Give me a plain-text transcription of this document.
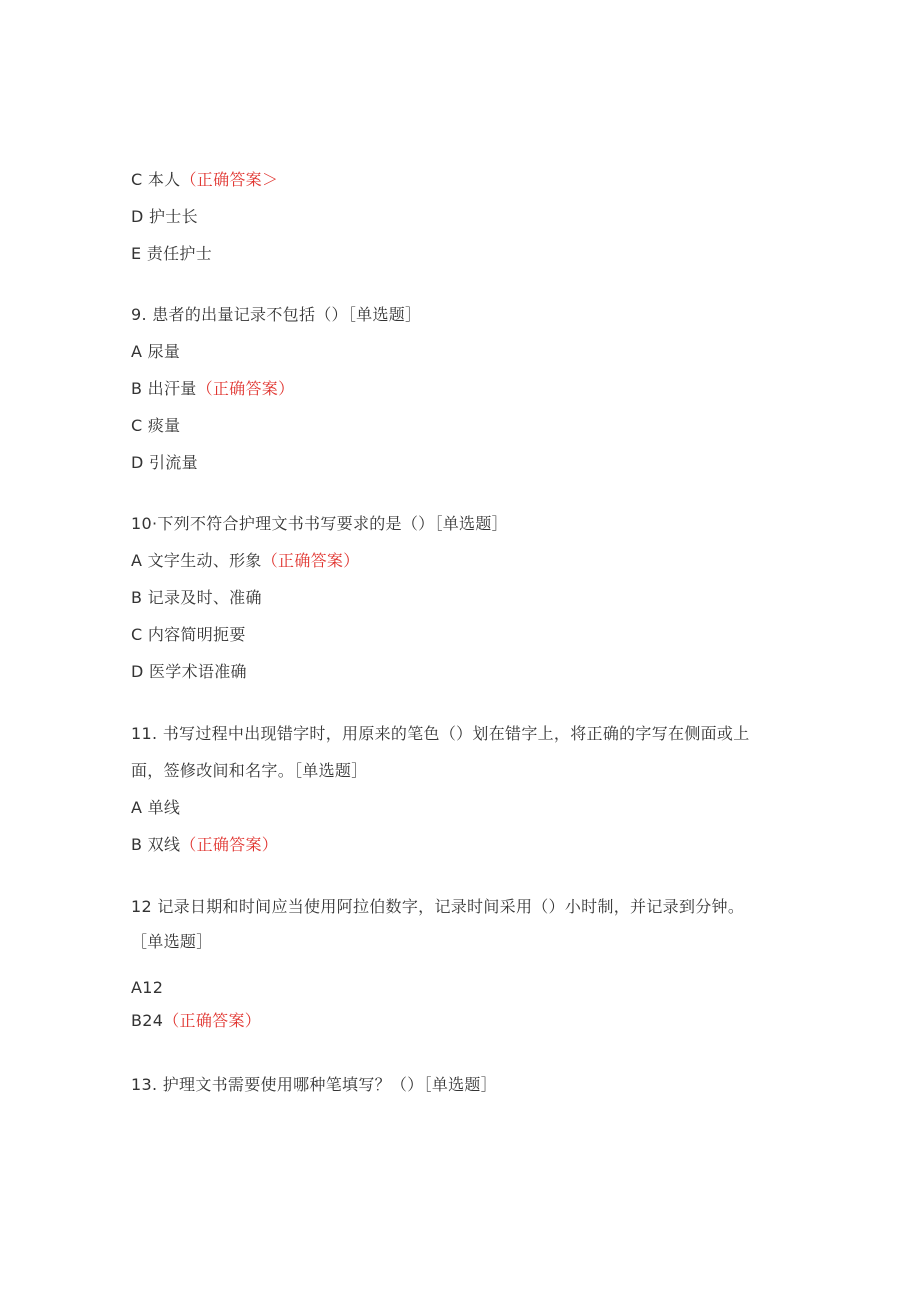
C 本人（正确答案＞
D 护士长
E 责任护士
9. 患者的出量记录不包括（）［单选题］
A 尿量
B 出汗量（正确答案）
C 痰量
D 引流量
10·下列不符合护理文书书写要求的是（）［单选题］
A 文字生动、形象（正确答案）
B 记录及时、准确
C 内容简明扼要
D 医学术语准确
11. 书写过程中出现错字时，用原来的笔色（）划在错字上，将正确的字写在侧面或上
面，签修改间和名字。［单选题］
A 单线
B 双线（正确答案）
12 记录日期和时间应当使用阿拉伯数字，记录时间采用（）小时制，并记录到分钟。
［单选题］
A12
B24（正确答案）
13. 护理文书需要使用哪种笔填写？（）［单选题］
